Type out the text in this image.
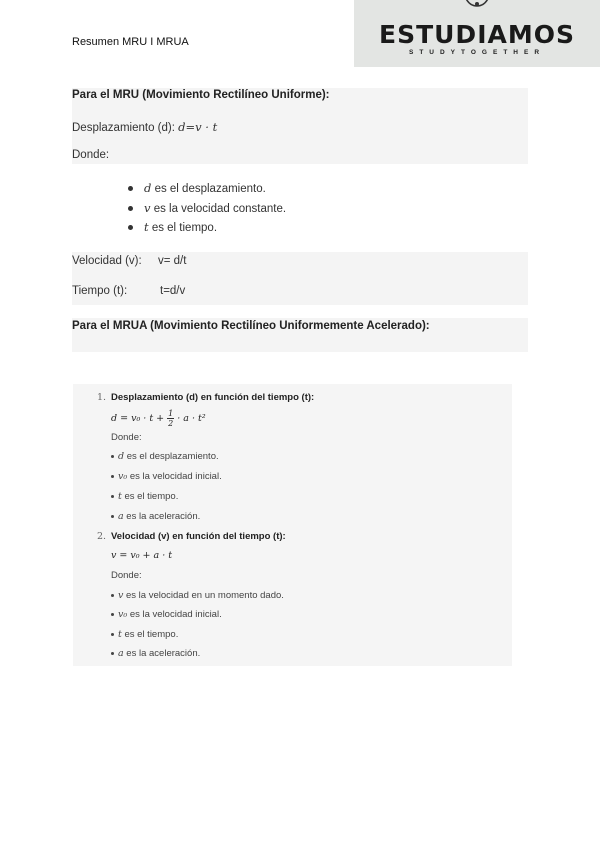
Resumen MRU I MRUA	ESTUDIAMOS
STUDYTOGETHER
Para el MRU (Movimiento Rectilíneo Uniforme):
Desplazamiento (d): d=v · t
Donde:
d es el desplazamiento.
v es la velocidad constante.
t es el tiempo.
Velocidad (v): v= d/t
Tiempo (t):	t=d/v
Para el MRUA (Movimiento Rectilíneo Uniformemente Acelerado):
1. Desplazamiento (d) en función del tiempo (t):
$d = v_0 \cdot t + \frac{1}{2} \cdot a \cdot t^2$
Donde:
d es el desplazamiento.
v₀ es la velocidad inicial.
t es el tiempo.
a es la aceleración.
2. Velocidad (v) en función del tiempo (t):
v = v₀ + a · t
Donde:
v es la velocidad en un momento dado.
v₀ es la velocidad inicial.
t es el tiempo.
a es la aceleración.
